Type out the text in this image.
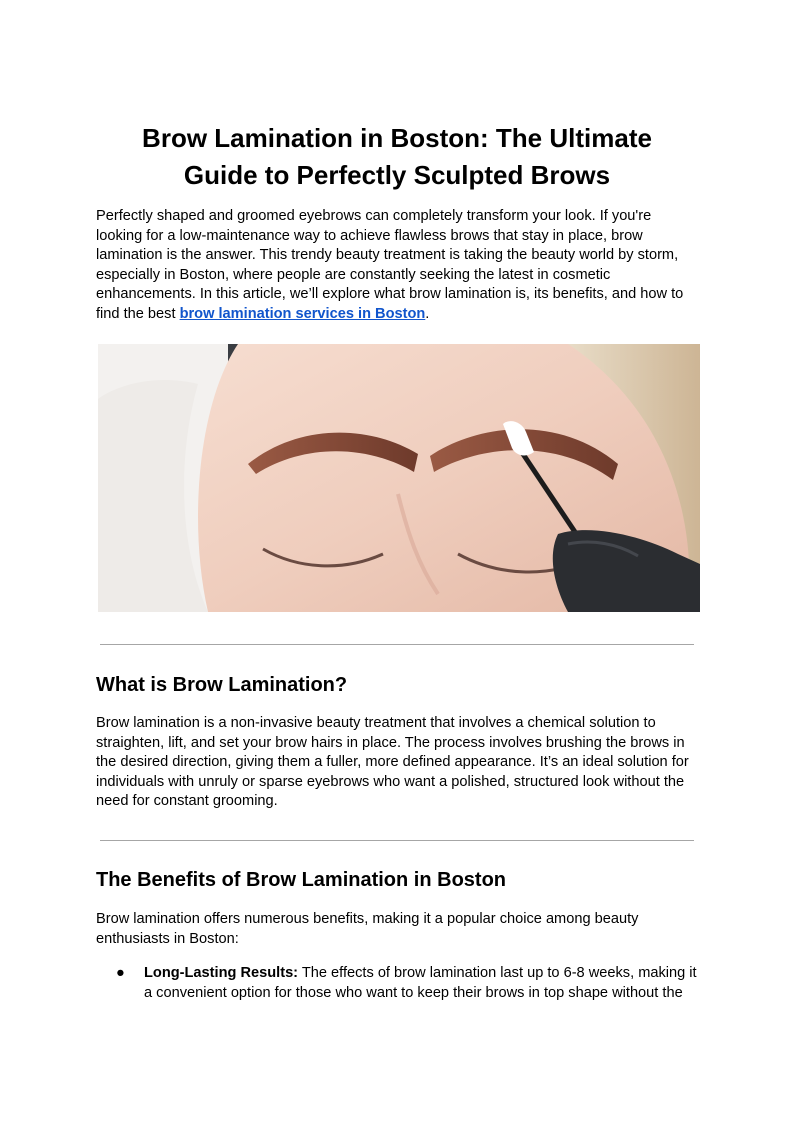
Brow Lamination in Boston: The Ultimate
Guide to Perfectly Sculpted Brows

Perfectly shaped and groomed eyebrows can completely transform your look. If you're looking for a low-maintenance way to achieve flawless brows that stay in place, brow lamination is the answer. This trendy beauty treatment is taking the beauty world by storm, especially in Boston, where people are constantly seeking the latest in cosmetic enhancements. In this article, we’ll explore what brow lamination is, its benefits, and how to find the best brow lamination services in Boston.

What is Brow Lamination?

Brow lamination is a non-invasive beauty treatment that involves a chemical solution to straighten, lift, and set your brow hairs in place. The process involves brushing the brows in the desired direction, giving them a fuller, more defined appearance. It’s an ideal solution for individuals with unruly or sparse eyebrows who want a polished, structured look without the need for constant grooming.

The Benefits of Brow Lamination in Boston

Brow lamination offers numerous benefits, making it a popular choice among beauty enthusiasts in Boston:

● Long-Lasting Results: The effects of brow lamination last up to 6-8 weeks, making it a convenient option for those who want to keep their brows in top shape without the
